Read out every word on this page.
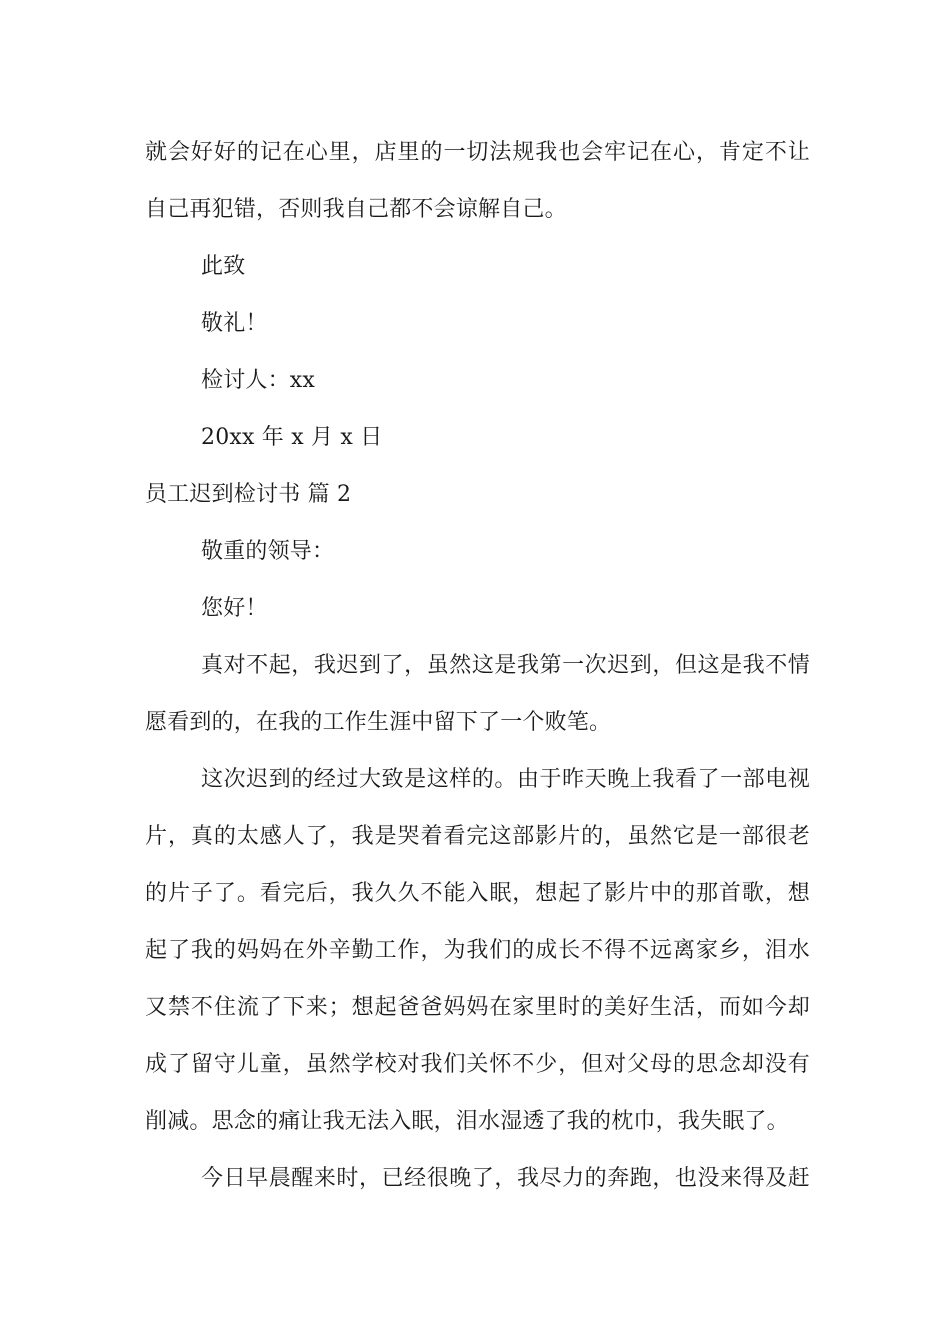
就会好好的记在心里，店里的一切法规我也会牢记在心，肯定不让
自己再犯错，否则我自己都不会谅解自己。
此致
敬礼！
检讨人：xx
20xx 年 x 月 x 日
员工迟到检讨书 篇 2
敬重的领导：
您好！
真对不起，我迟到了，虽然这是我第一次迟到，但这是我不情
愿看到的，在我的工作生涯中留下了一个败笔。
这次迟到的经过大致是这样的。由于昨天晚上我看了一部电视
片，真的太感人了，我是哭着看完这部影片的，虽然它是一部很老
的片子了。看完后，我久久不能入眠，想起了影片中的那首歌，想
起了我的妈妈在外辛勤工作，为我们的成长不得不远离家乡，泪水
又禁不住流了下来；想起爸爸妈妈在家里时的美好生活，而如今却
成了留守儿童，虽然学校对我们关怀不少，但对父母的思念却没有
削减。思念的痛让我无法入眠，泪水湿透了我的枕巾，我失眠了。
今日早晨醒来时，已经很晚了，我尽力的奔跑，也没来得及赶
